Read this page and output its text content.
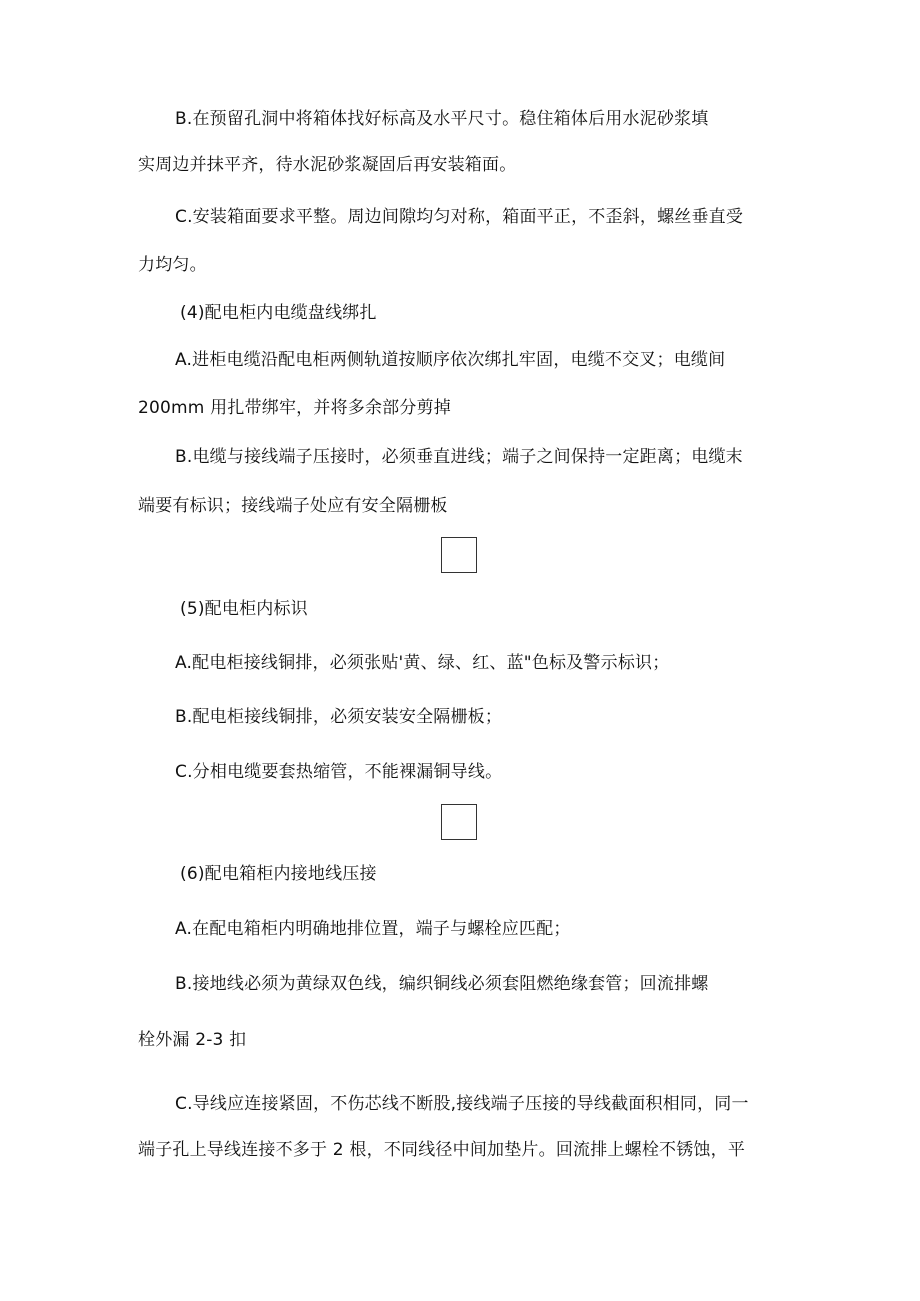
B.在预留孔洞中将箱体找好标高及水平尺寸。稳住箱体后用水泥砂浆填
实周边并抹平齐，待水泥砂浆凝固后再安装箱面。
C.安装箱面要求平整。周边间隙均匀对称，箱面平正，不歪斜，螺丝垂直受
力均匀。
(4)配电柜内电缆盘线绑扎
A.进柜电缆沿配电柜两侧轨道按顺序依次绑扎牢固，电缆不交叉；电缆间
200mm 用扎带绑牢，并将多余部分剪掉
B.电缆与接线端子压接时，必须垂直进线；端子之间保持一定距离；电缆末
端要有标识；接线端子处应有安全隔栅板
(5)配电柜内标识
A.配电柜接线铜排，必须张贴'黄、绿、红、蓝"色标及警示标识；
B.配电柜接线铜排，必须安装安全隔栅板；
C.分相电缆要套热缩管，不能裸漏铜导线。
(6)配电箱柜内接地线压接
A.在配电箱柜内明确地排位置，端子与螺栓应匹配；
B.接地线必须为黄绿双色线，编织铜线必须套阻燃绝缘套管；回流排螺
栓外漏 2-3 扣
C.导线应连接紧固，不伤芯线不断股,接线端子压接的导线截面积相同，同一
端子孔上导线连接不多于 2 根，不同线径中间加垫片。回流排上螺栓不锈蚀，平
